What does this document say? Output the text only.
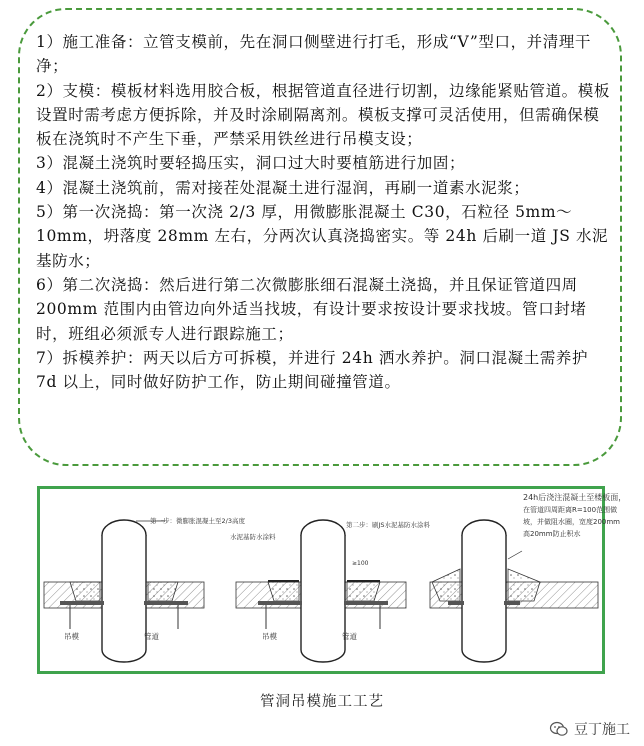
1）施工准备：立管支模前，先在洞口侧壁进行打毛，形成“V”型口，并清理干净；

2）支模：模板材料选用胶合板，根据管道直径进行切割，边缘能紧贴管道。模板设置时需考虑方便拆除，并及时涂刷隔离剂。模板支撑可灵活使用，但需确保模板在浇筑时不产生下垂，严禁采用铁丝进行吊模支设；

3）混凝土浇筑时要轻捣压实，洞口过大时要植筋进行加固；

4）混凝土浇筑前，需对接茬处混凝土进行湿润，再刷一道素水泥浆；

5）第一次浇捣：第一次浇 2/3 厚，用微膨胀混凝土 C30，石粒径 5mm～10mm，坍落度 28mm 左右，分两次认真浇捣密实。等 24h 后刷一道 JS 水泥基防水；

6）第二次浇捣：然后进行第二次微膨胀细石混凝土浇捣，并且保证管道四周 200mm 范围内由管边向外适当找坡，有设计要求按设计要求找坡。管口封堵时，班组必须派专人进行跟踪施工；

7）拆模养护：两天以后方可拆模，并进行 24h 洒水养护。洞口混凝土需养护 7d 以上，同时做好防护工作，防止期间碰撞管道。

第一步：微膨胀混凝土至2/3高度
吊模	管道
水泥基防水涂料
第二步：刷JS水泥基防水涂料
≥100
吊模	管道
24h后浇注混凝土至楼板面，
在管道四周距离R=100范围做
坡，并做阻水圈，宽度200mm
高20mm防止积水
管洞吊模施工工艺
豆丁施工
